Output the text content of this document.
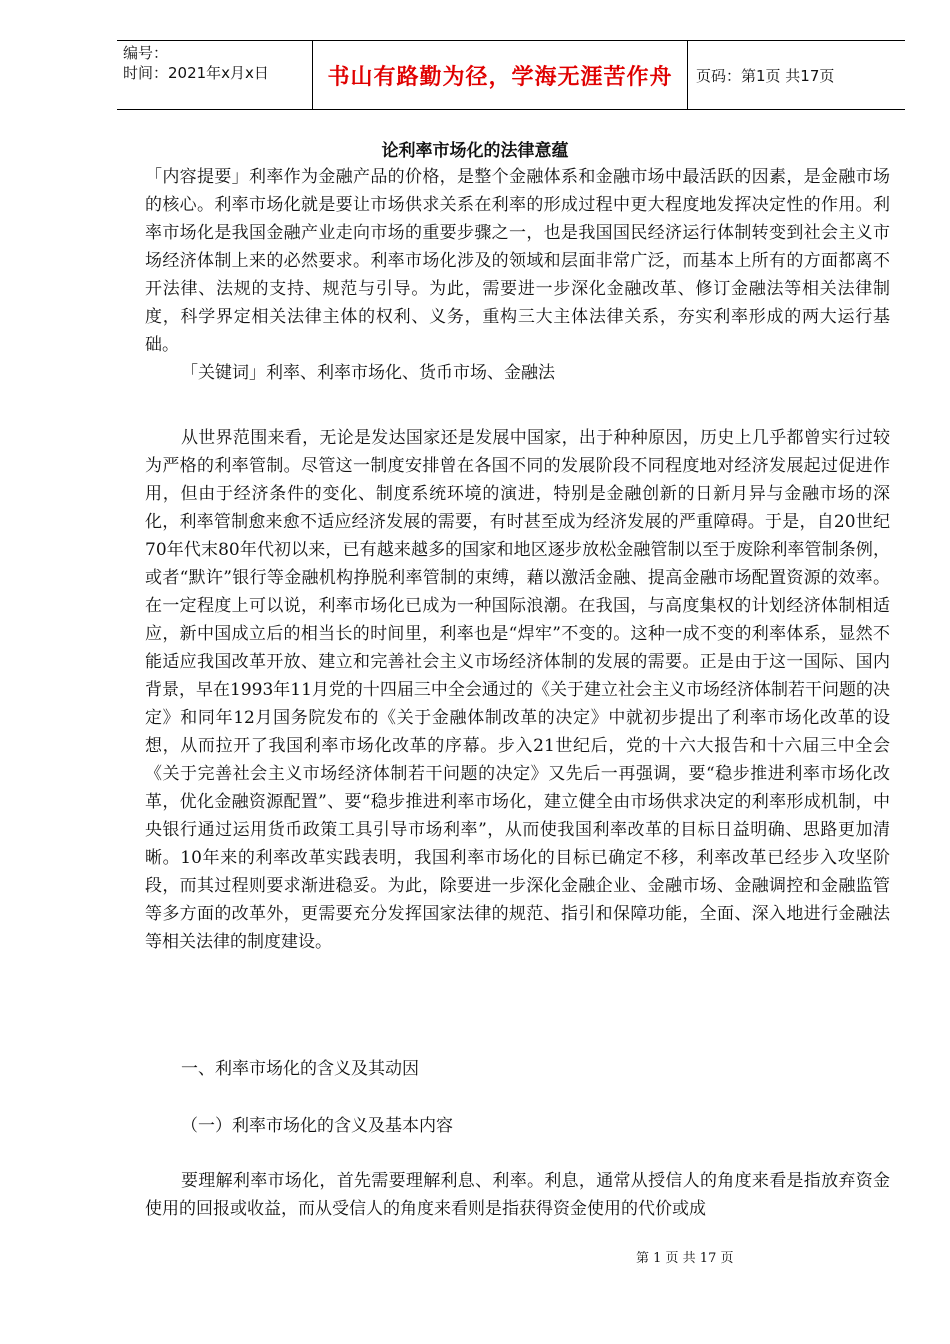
编号：
时间：2021年x月x日	书山有路勤为径，学海无涯苦作舟	页码：第1页 共17页
论利率市场化的法律意蕴

「内容提要」利率作为金融产品的价格，是整个金融体系和金融市场中最活跃的因素，是金融市场的核心。利率市场化就是要让市场供求关系在利率的形成过程中更大程度地发挥决定性的作用。利率市场化是我国金融产业走向市场的重要步骤之一，也是我国国民经济运行体制转变到社会主义市场经济体制上来的必然要求。利率市场化涉及的领域和层面非常广泛，而基本上所有的方面都离不开法律、法规的支持、规范与引导。为此，需要进一步深化金融改革、修订金融法等相关法律制度，科学界定相关法律主体的权利、义务，重构三大主体法律关系，夯实利率形成的两大运行基础。

「关键词」利率、利率市场化、货币市场、金融法

从世界范围来看，无论是发达国家还是发展中国家，出于种种原因，历史上几乎都曾实行过较为严格的利率管制。尽管这一制度安排曾在各国不同的发展阶段不同程度地对经济发展起过促进作用，但由于经济条件的变化、制度系统环境的演进，特别是金融创新的日新月异与金融市场的深化，利率管制愈来愈不适应经济发展的需要，有时甚至成为经济发展的严重障碍。于是，自20世纪70年代末80年代初以来，已有越来越多的国家和地区逐步放松金融管制以至于废除利率管制条例，或者“默许”银行等金融机构挣脱利率管制的束缚，藉以激活金融、提高金融市场配置资源的效率。在一定程度上可以说，利率市场化已成为一种国际浪潮。在我国，与高度集权的计划经济体制相适应，新中国成立后的相当长的时间里，利率也是“焊牢”不变的。这种一成不变的利率体系，显然不能适应我国改革开放、建立和完善社会主义市场经济体制的发展的需要。正是由于这一国际、国内背景，早在1993年11月党的十四届三中全会通过的《关于建立社会主义市场经济体制若干问题的决定》和同年12月国务院发布的《关于金融体制改革的决定》中就初步提出了利率市场化改革的设想，从而拉开了我国利率市场化改革的序幕。步入21世纪后，党的十六大报告和十六届三中全会《关于完善社会主义市场经济体制若干问题的决定》又先后一再强调，要“稳步推进利率市场化改革，优化金融资源配置”、要“稳步推进利率市场化，建立健全由市场供求决定的利率形成机制，中央银行通过运用货币政策工具引导市场利率”，从而使我国利率改革的目标日益明确、思路更加清晰。10年来的利率改革实践表明，我国利率市场化的目标已确定不移，利率改革已经步入攻坚阶段，而其过程则要求渐进稳妥。为此，除要进一步深化金融企业、金融市场、金融调控和金融监管等多方面的改革外，更需要充分发挥国家法律的规范、指引和保障功能，全面、深入地进行金融法等相关法律的制度建设。

一、利率市场化的含义及其动因
（一）利率市场化的含义及基本内容

要理解利率市场化，首先需要理解利息、利率。利息，通常从授信人的角度来看是指放弃资金使用的回报或收益，而从受信人的角度来看则是指获得资金使用的代价或成

第 1 页 共 17 页
